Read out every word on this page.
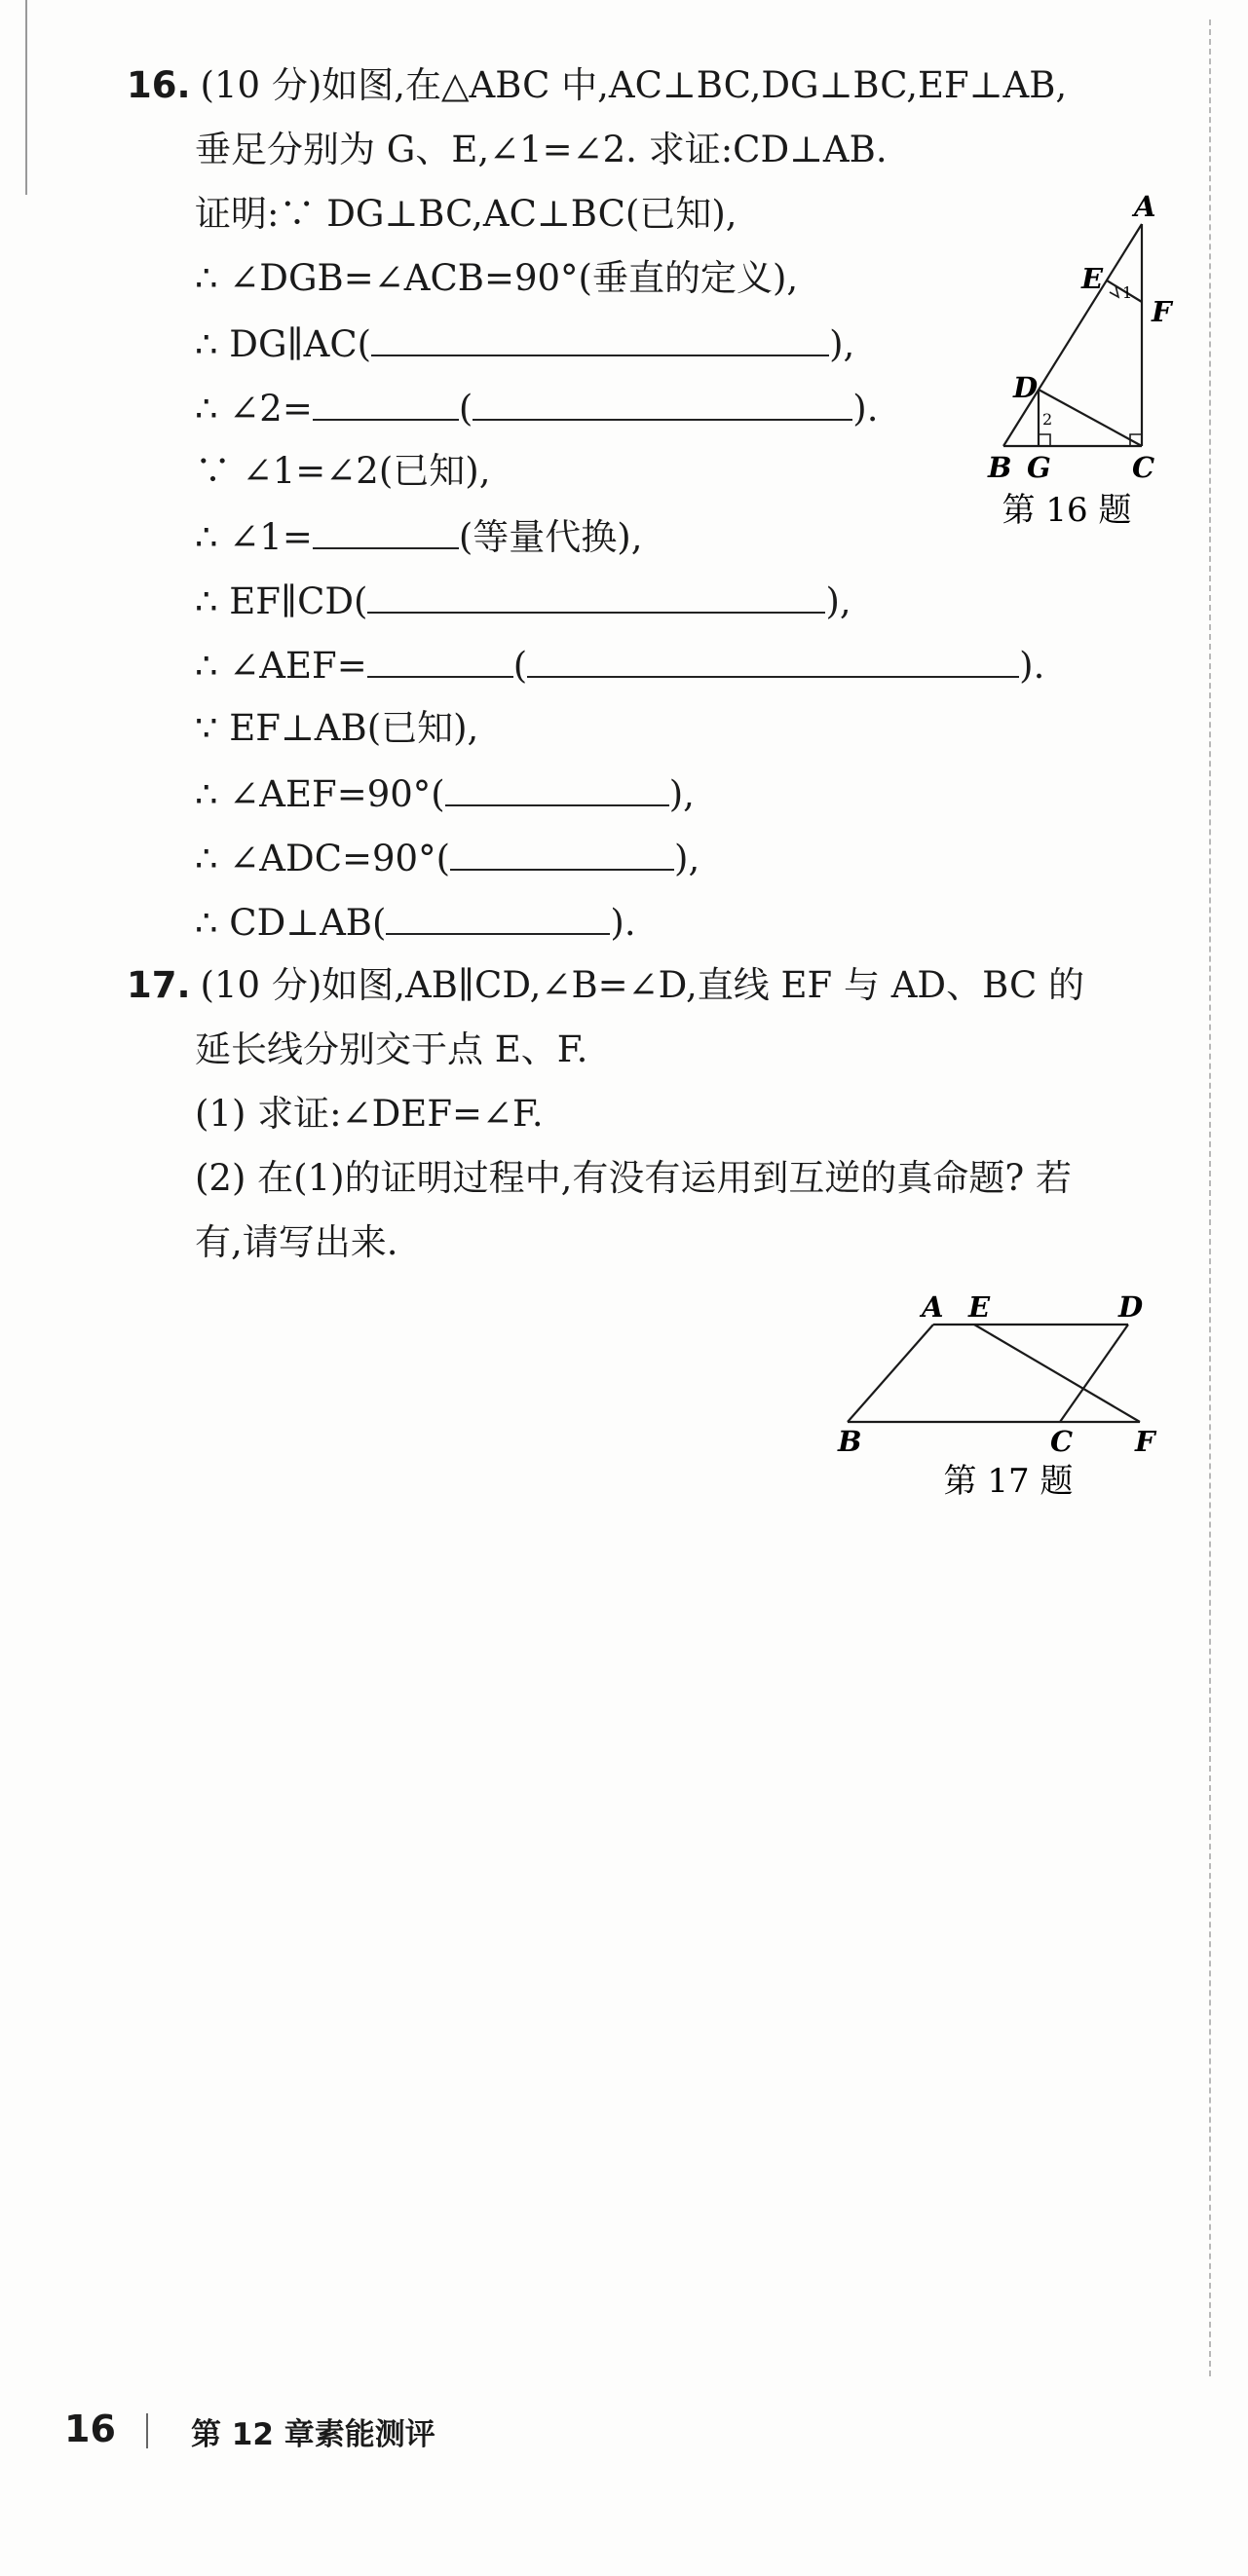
16. (10 分)如图,在△ABC 中,AC⊥BC,DG⊥BC,EF⊥AB,
垂足分别为 G、E,∠1=∠2. 求证:CD⊥AB.
证明:∵ DG⊥BC,AC⊥BC(已知),
∴ ∠DGB=∠ACB=90°(垂直的定义),
∴ DG∥AC(	),
∴ ∠2=	(	).
∵ ∠1=∠2(已知),
∴ ∠1=	(等量代换),
∴ EF∥CD(	),
∴ ∠AEF=	(	).
∵ EF⊥AB(已知),
∴ ∠AEF=90°(	),
∴ ∠ADC=90°(	),
∴ CD⊥AB(	).
A
E
F
D
B G	C
1
2
第 16 题
17. (10 分)如图,AB∥CD,∠B=∠D,直线 EF 与 AD、BC 的
延长线分别交于点 E、F.
(1) 求证:∠DEF=∠F.
(2) 在(1)的证明过程中,有没有运用到互逆的真命题? 若
有,请写出来.
A E	D
B	C F
第 17 题
16 第 12 章素能测评
